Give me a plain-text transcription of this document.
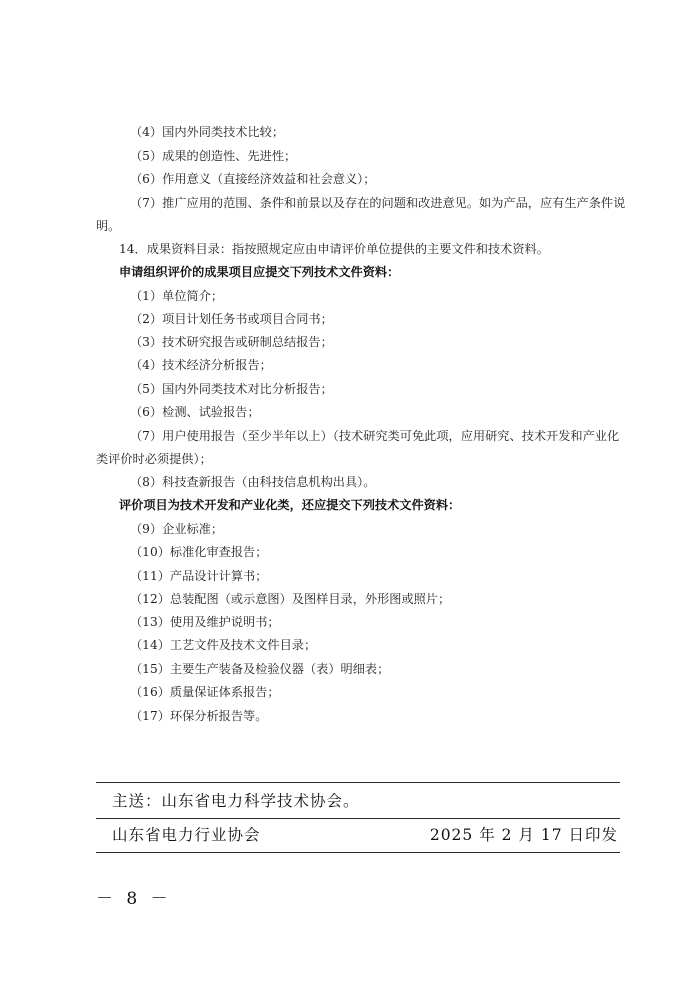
（4）国内外同类技术比较；
（5）成果的创造性、先进性；
（6）作用意义（直接经济效益和社会意义）；
（7）推广应用的范围、条件和前景以及存在的问题和改进意见。如为产品，应有生产条件说
明。
14．成果资料目录：指按照规定应由申请评价单位提供的主要文件和技术资料。
申请组织评价的成果项目应提交下列技术文件资料：
（1）单位简介；
（2）项目计划任务书或项目合同书；
（3）技术研究报告或研制总结报告；
（4）技术经济分析报告；
（5）国内外同类技术对比分析报告；
（6）检测、试验报告；
（7）用户使用报告（至少半年以上）（技术研究类可免此项，应用研究、技术开发和产业化
类评价时必须提供）；
（8）科技查新报告（由科技信息机构出具）。
评价项目为技术开发和产业化类，还应提交下列技术文件资料：
（9）企业标准；
（10）标准化审查报告；
（11）产品设计计算书；
（12）总装配图（或示意图）及图样目录，外形图或照片；
（13）使用及维护说明书；
（14）工艺文件及技术文件目录；
（15）主要生产装备及检验仪器（表）明细表；
（16）质量保证体系报告；
（17）环保分析报告等。
主送：山东省电力科学技术协会。
山东省电力行业协会	2025 年 2 月 17 日印发
－ 8 －
